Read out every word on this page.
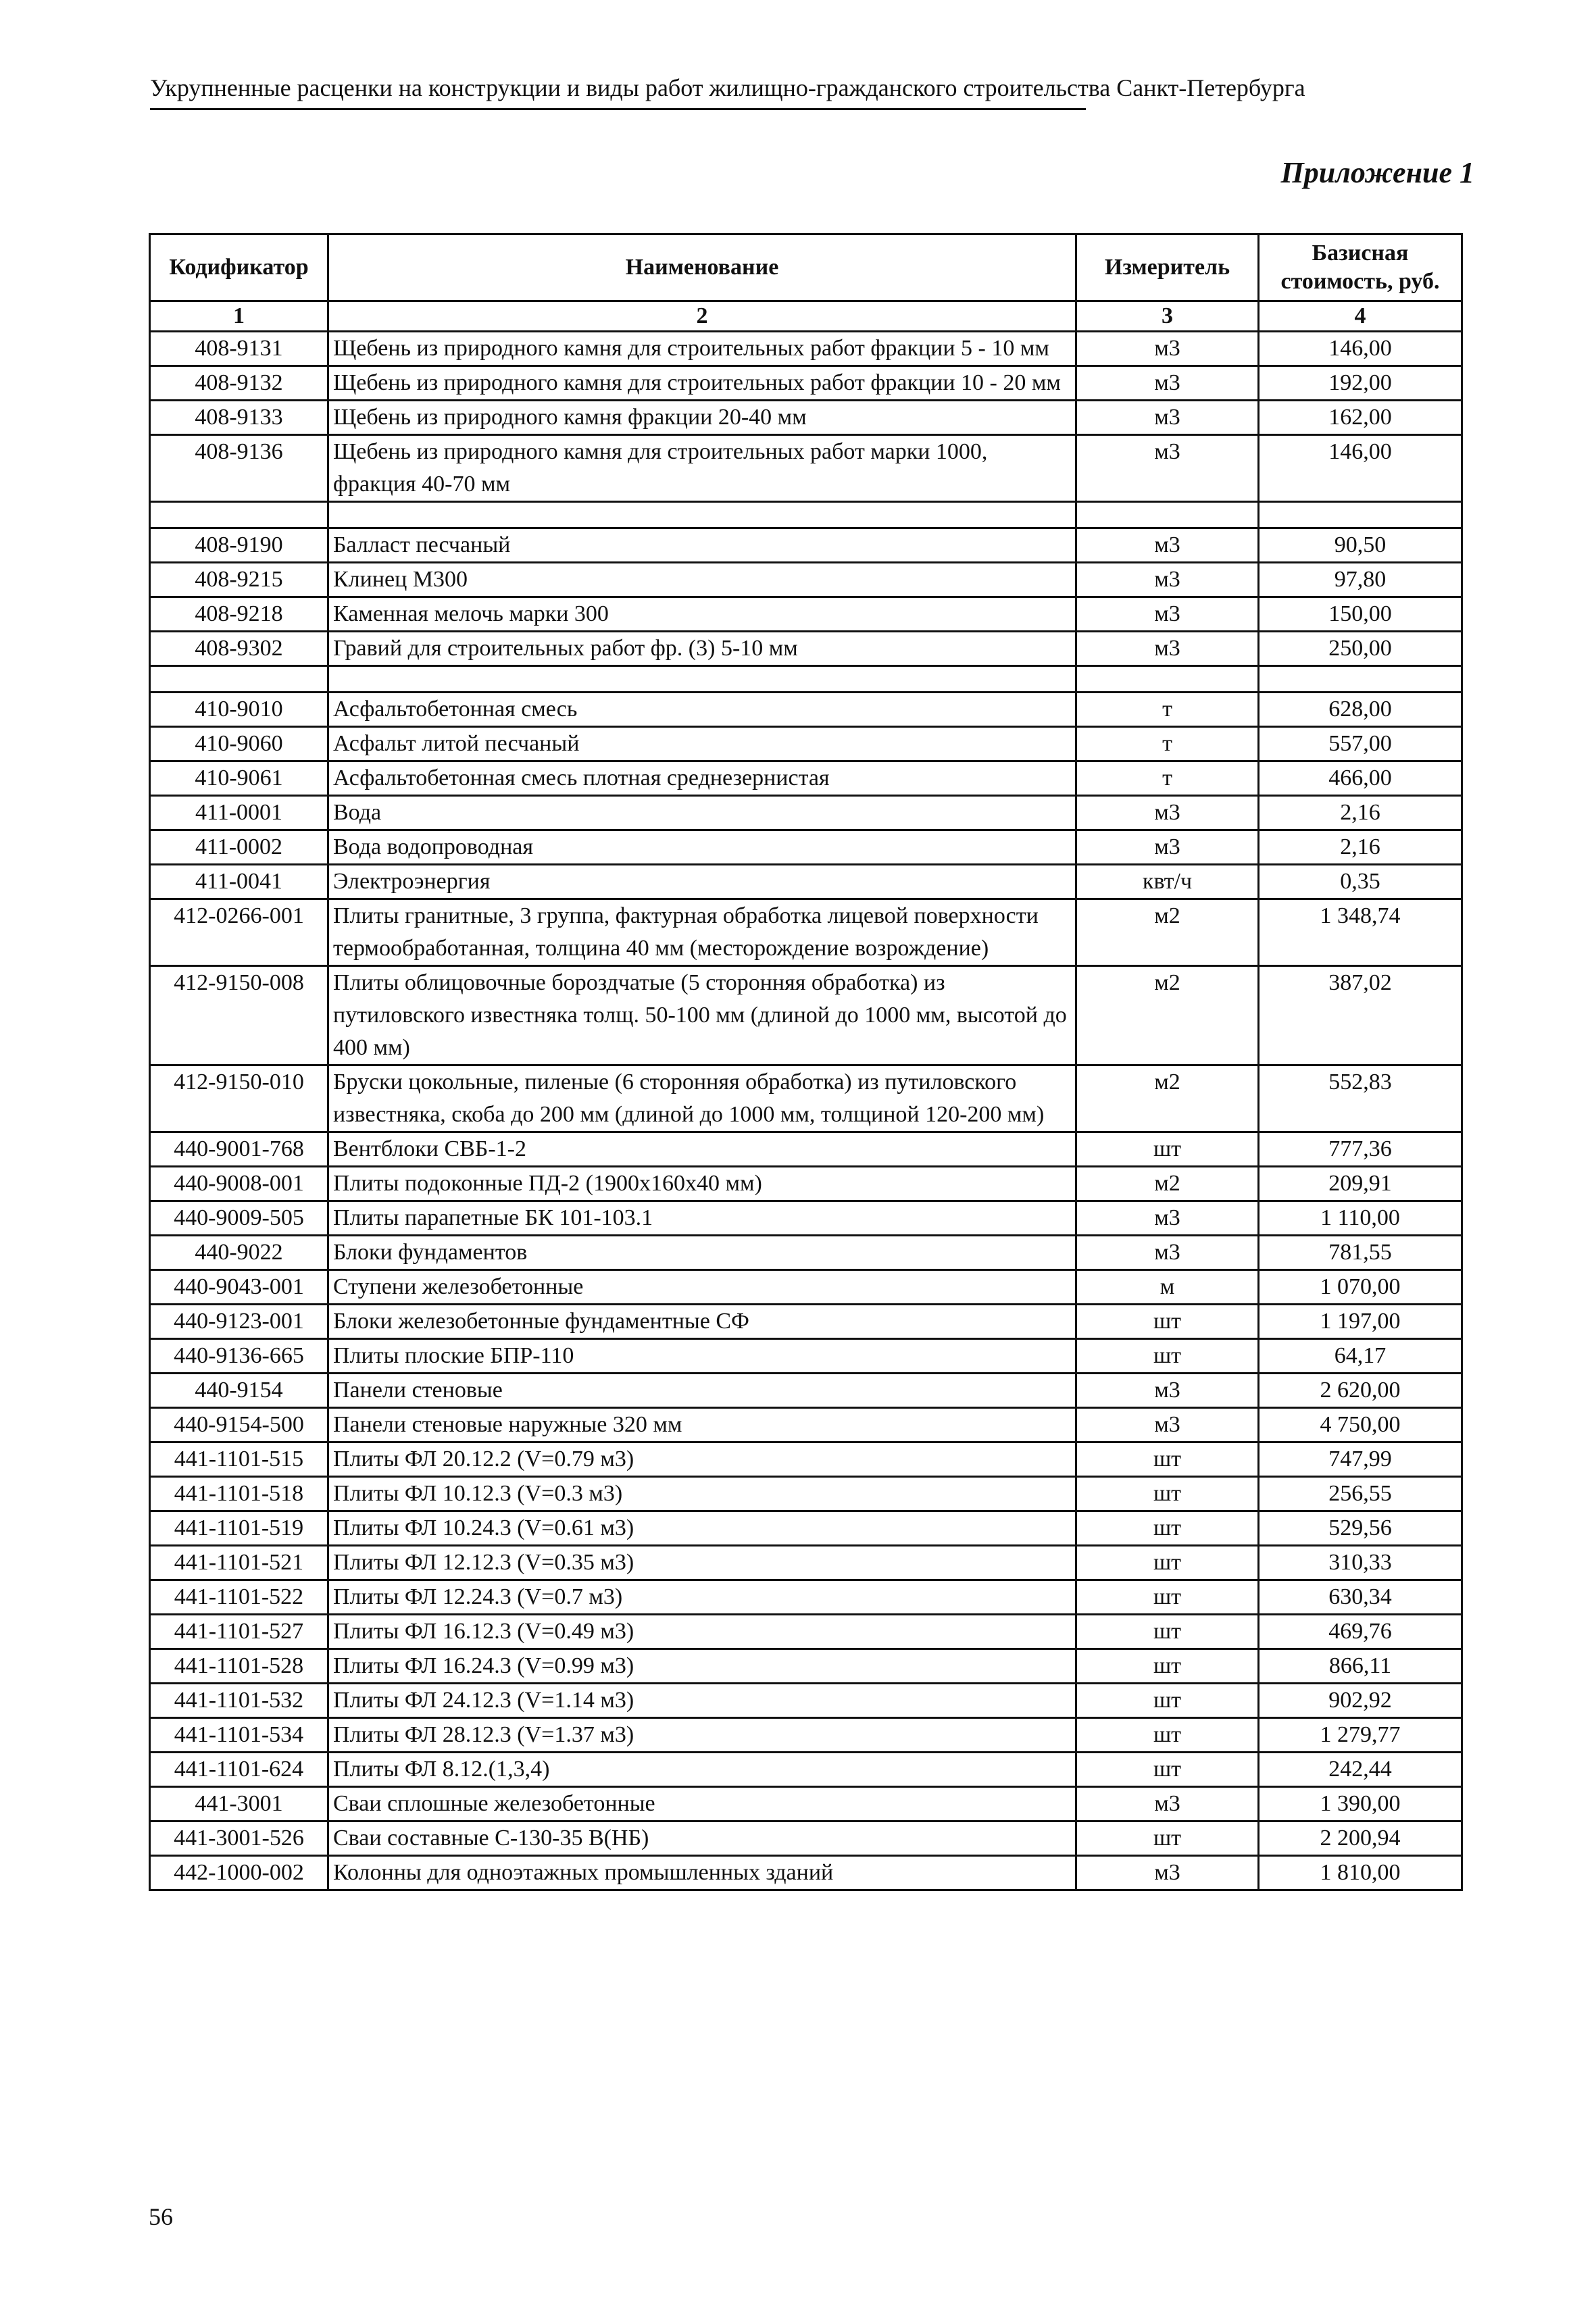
Укрупненные расценки на конструкции и виды работ жилищно-гражданского строительства Санкт-Петербурга
Приложение 1
Кодификатор	Наименование	Измеритель	Базисная стоимость, руб.
1	2	3	4
408-9131	Щебень из природного камня для строительных работ фракции 5 - 10 мм	м3	146,00
408-9132	Щебень из природного камня для строительных работ фракции 10 - 20 мм	м3	192,00
408-9133	Щебень из природного камня фракции 20-40 мм	м3	162,00
408-9136	Щебень из природного камня для строительных работ марки 1000, фракция 40-70 мм	м3	146,00

408-9190	Балласт песчаный	м3	90,50
408-9215	Клинец М300	м3	97,80
408-9218	Каменная мелочь марки 300	м3	150,00
408-9302	Гравий для строительных работ фр. (3) 5-10 мм	м3	250,00

410-9010	Асфальтобетонная смесь	т	628,00
410-9060	Асфальт литой песчаный	т	557,00
410-9061	Асфальтобетонная смесь плотная среднезернистая	т	466,00
411-0001	Вода	м3	2,16
411-0002	Вода водопроводная	м3	2,16
411-0041	Электроэнергия	квт/ч	0,35
412-0266-001	Плиты гранитные, 3 группа, фактурная обработка лицевой поверхности термообработанная, толщина 40 мм (месторождение возрождение)	м2	1 348,74
412-9150-008	Плиты облицовочные бороздчатые (5 сторонняя обработка) из путиловского известняка толщ. 50-100 мм (длиной до 1000 мм, высотой до 400 мм)	м2	387,02
412-9150-010	Бруски цокольные, пиленые (6 сторонняя обработка) из путиловского известняка, скоба до 200 мм (длиной до 1000 мм, толщиной 120-200 мм)	м2	552,83
440-9001-768	Вентблоки СВБ-1-2	шт	777,36
440-9008-001	Плиты подоконные ПД-2 (1900x160x40 мм)	м2	209,91
440-9009-505	Плиты парапетные БК 101-103.1	м3	1 110,00
440-9022	Блоки фундаментов	м3	781,55
440-9043-001	Ступени железобетонные	м	1 070,00
440-9123-001	Блоки железобетонные фундаментные СФ	шт	1 197,00
440-9136-665	Плиты плоские БПР-110	шт	64,17
440-9154	Панели стеновые	м3	2 620,00
440-9154-500	Панели стеновые наружные 320 мм	м3	4 750,00
441-1101-515	Плиты ФЛ 20.12.2 (V=0.79 м3)	шт	747,99
441-1101-518	Плиты ФЛ 10.12.3 (V=0.3 м3)	шт	256,55
441-1101-519	Плиты ФЛ 10.24.3 (V=0.61 м3)	шт	529,56
441-1101-521	Плиты ФЛ 12.12.3 (V=0.35 м3)	шт	310,33
441-1101-522	Плиты ФЛ 12.24.3 (V=0.7 м3)	шт	630,34
441-1101-527	Плиты ФЛ 16.12.3 (V=0.49 м3)	шт	469,76
441-1101-528	Плиты ФЛ 16.24.3 (V=0.99 м3)	шт	866,11
441-1101-532	Плиты ФЛ 24.12.3 (V=1.14 м3)	шт	902,92
441-1101-534	Плиты ФЛ 28.12.3 (V=1.37 м3)	шт	1 279,77
441-1101-624	Плиты ФЛ 8.12.(1,3,4)	шт	242,44
441-3001	Сваи сплошные железобетонные	м3	1 390,00
441-3001-526	Сваи составные С-130-35 В(НБ)	шт	2 200,94
442-1000-002	Колонны для одноэтажных промышленных зданий	м3	1 810,00
56
